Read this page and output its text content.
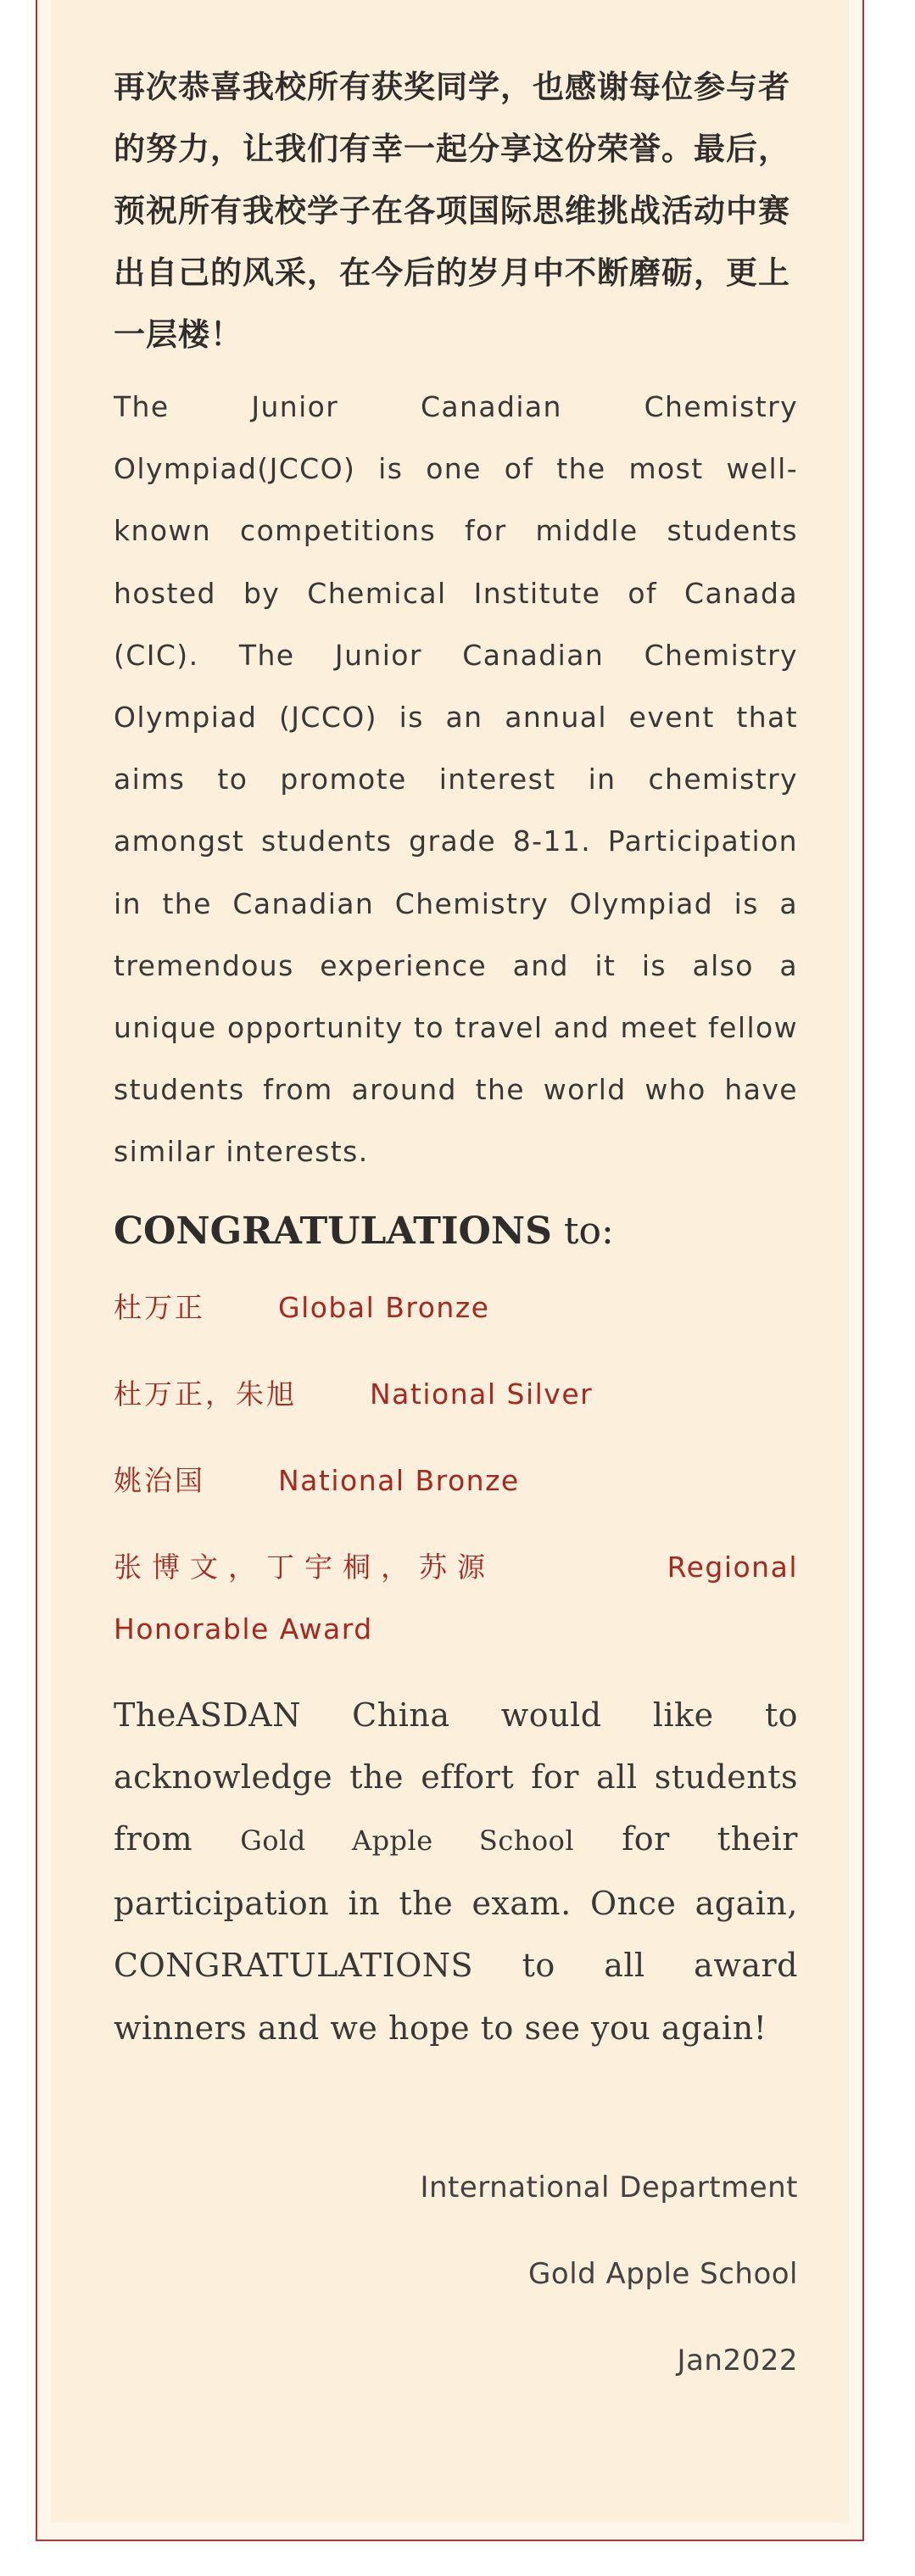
再次恭喜我校所有获奖同学，也感谢每位参与者的努力，让我们有幸一起分享这份荣誉。最后，预祝所有我校学子在各项国际思维挑战活动中赛出自己的风采，在今后的岁月中不断磨砺，更上一层楼！

The Junior Canadian Chemistry Olympiad(JCCO) is one of the most well-known competitions for middle students hosted by Chemical Institute of Canada (CIC). The Junior Canadian Chemistry Olympiad (JCCO) is an annual event that aims to promote interest in chemistry amongst students grade 8-11. Participation in the Canadian Chemistry Olympiad is a tremendous experience and it is also a unique opportunity to travel and meet fellow students from around the world who have similar interests.

CONGRATULATIONS to:
杜万正	Global Bronze
杜万正，朱旭	National Silver
姚治国	National Bronze
张博文，丁宇桐，苏源	Regional Honorable Award

TheASDAN China would like to acknowledge the effort for all students from Gold Apple School for their participation in the exam. Once again, CONGRATULATIONS to all award winners and we hope to see you again!

International Department
Gold Apple School
Jan2022
